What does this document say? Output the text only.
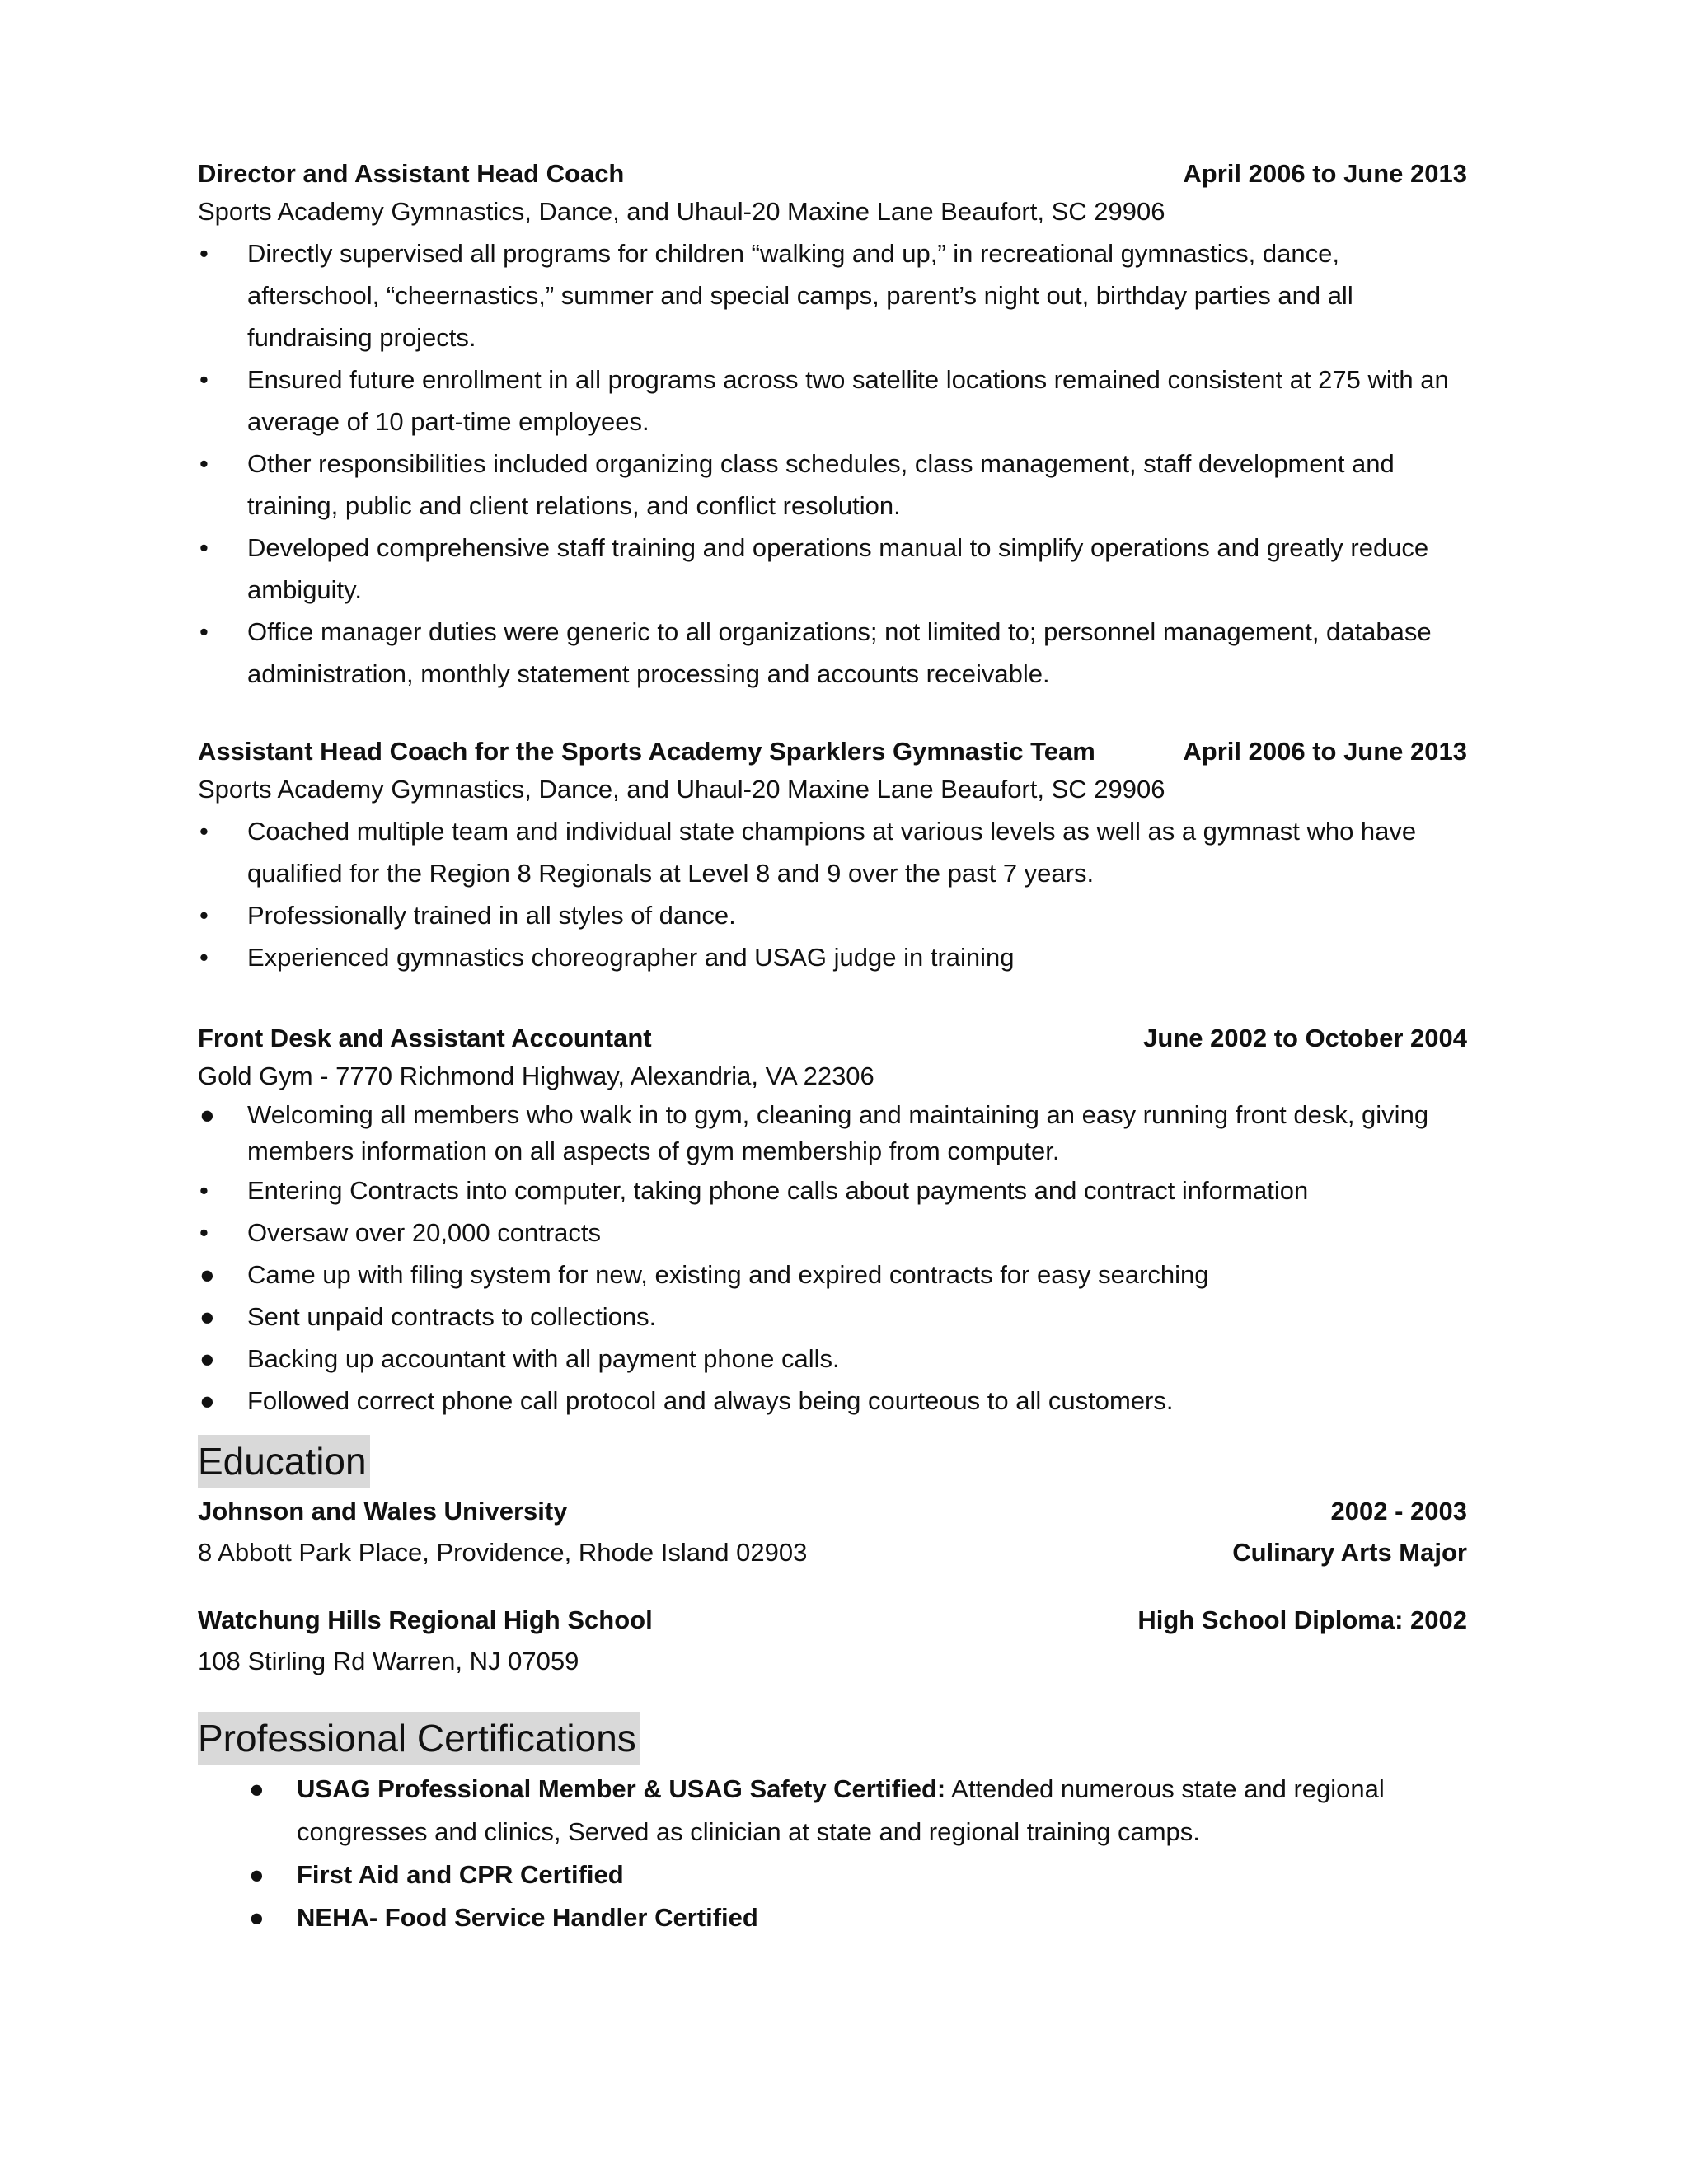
Director and Assistant Head Coach	April 2006 to June 2013
Sports Academy Gymnastics, Dance, and Uhaul-20 Maxine Lane Beaufort, SC 29906
•	Directly supervised all programs for children “walking and up,” in recreational gymnastics, dance, afterschool, “cheernastics,” summer and special camps, parent’s night out, birthday parties and all fundraising projects.
•	Ensured future enrollment in all programs across two satellite locations remained consistent at 275 with an average of 10 part-time employees.
•	Other responsibilities included organizing class schedules, class management, staff development and training, public and client relations, and conflict resolution.
•	Developed comprehensive staff training and operations manual to simplify operations and greatly reduce ambiguity.
•	Office manager duties were generic to all organizations; not limited to; personnel management, database administration, monthly statement processing and accounts receivable.
Assistant Head Coach for the Sports Academy Sparklers Gymnastic Team	April 2006 to June 2013
Sports Academy Gymnastics, Dance, and Uhaul-20 Maxine Lane Beaufort, SC 29906
•	Coached multiple team and individual state champions at various levels as well as a gymnast who have qualified for the Region 8 Regionals at Level 8 and 9 over the past 7 years.
•	Professionally trained in all styles of dance.
•	Experienced gymnastics choreographer and USAG judge in training
Front Desk and Assistant Accountant	June 2002 to October 2004
Gold Gym - 7770 Richmond Highway, Alexandria, VA 22306
●	Welcoming all members who walk in to gym, cleaning and maintaining an easy running front desk, giving members information on all aspects of gym membership from computer.
•	Entering Contracts into computer, taking phone calls about payments and contract information
•	Oversaw over 20,000 contracts
●	Came up with filing system for new, existing and expired contracts for easy searching
●	Sent unpaid contracts to collections.
●	Backing up accountant with all payment phone calls.
●	Followed correct phone call protocol and always being courteous to all customers.
Education
Johnson and Wales University	2002 - 2003
8 Abbott Park Place, Providence, Rhode Island 02903	Culinary Arts Major
Watchung Hills Regional High School	High School Diploma: 2002
108 Stirling Rd Warren, NJ 07059
Professional Certifications
● USAG Professional Member & USAG Safety Certified: Attended numerous state and regional congresses and clinics, Served as clinician at state and regional training camps.
● First Aid and CPR Certified
● NEHA- Food Service Handler Certified
